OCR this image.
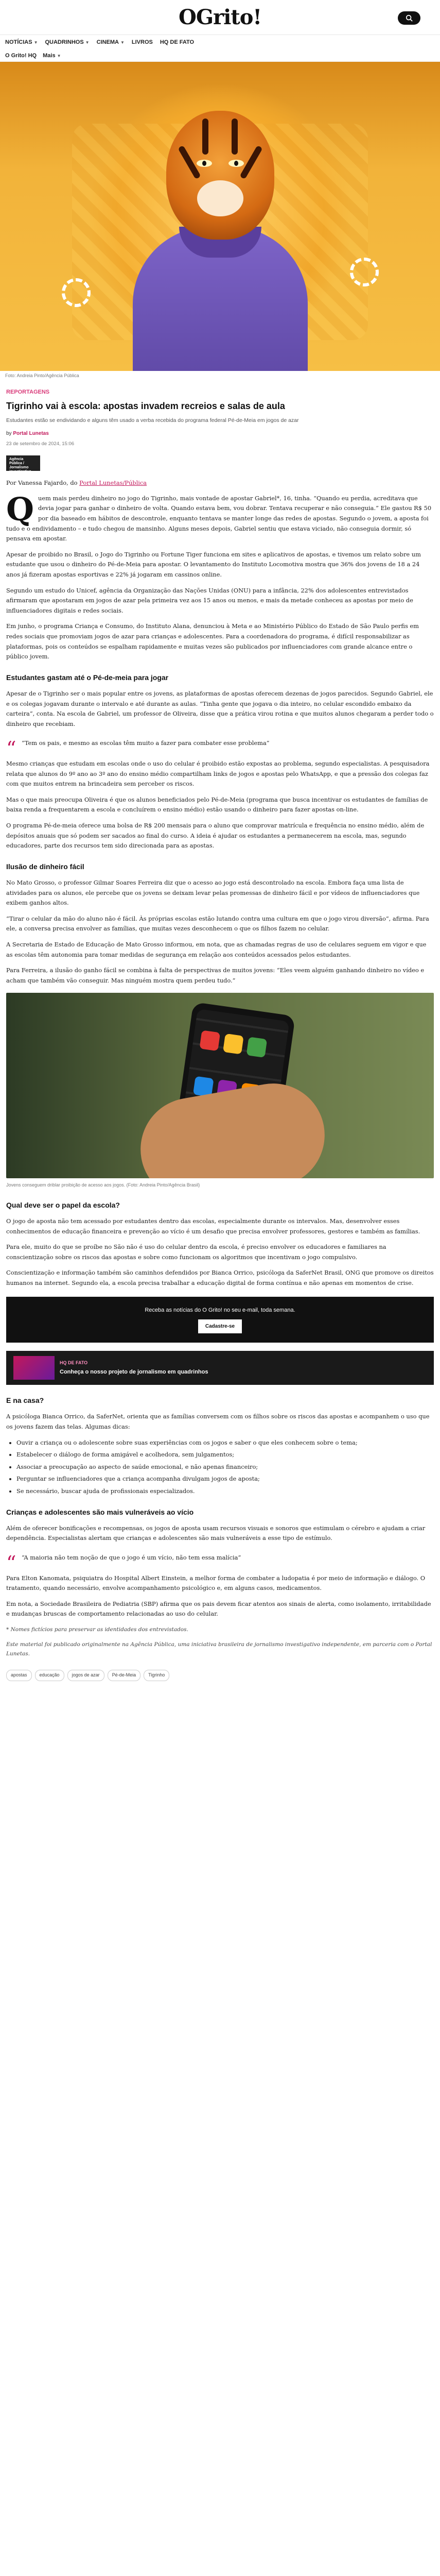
OGrito!
NOTÍCIAS ▼ QUADRINHOS ▼ CINEMA ▼ LIVROS HQ DE FATO
O Grito! HQ Mais ▼
Foto: Andreia Pinto/Agência Pública
REPORTAGENS
Tigrinho vai à escola: apostas invadem recreios e salas de aula
Estudantes estão se endividando e alguns têm usado a verba recebida do programa federal Pé-de-Meia em jogos de azar
by Portal Lunetas
23 de setembro de 2024, 15:06
Agência Pública / Jornalismo investigativo

Por Vanessa Fajardo, do Portal Lunetas/Pública

Quem mais perdeu dinheiro no jogo do Tigrinho, mais vontade de apostar Gabriel*, 16, tinha. “Quando eu perdia, acreditava que devia jogar para ganhar o dinheiro de volta. Quando estava bem, vou dobrar. Tentava recuperar e não conseguia.” Ele gastou R$ 50 por dia baseado em hábitos de descontrole, enquanto tentava se manter longe das redes de apostas. Segundo o jovem, a aposta foi tudo e o endividamento – e tudo chegou de mansinho. Alguns meses depois, Gabriel sentiu que estava viciado, não conseguia dormir, só pensava em apostar.

Apesar de proibido no Brasil, o Jogo do Tigrinho ou Fortune Tiger funciona em sites e aplicativos de apostas, e tivemos um relato sobre um estudante que usou o dinheiro do Pé-de-Meia para apostar. O levantamento do Instituto Locomotiva mostra que 36% dos jovens de 18 a 24 anos já fizeram apostas esportivas e 22% já jogaram em cassinos online.

Segundo um estudo do Unicef, agência da Organização das Nações Unidas (ONU) para a infância, 22% dos adolescentes entrevistados afirmaram que apostaram em jogos de azar pela primeira vez aos 15 anos ou menos, e mais da metade conheceu as apostas por meio de influenciadores digitais e redes sociais.

Em junho, o programa Criança e Consumo, do Instituto Alana, denunciou à Meta e ao Ministério Público do Estado de São Paulo perfis em redes sociais que promoviam jogos de azar para crianças e adolescentes. Para a coordenadora do programa, é difícil responsabilizar as plataformas, pois os conteúdos se espalham rapidamente e muitas vezes são publicados por influenciadores com grande alcance entre o público jovem.

Estudantes gastam até o Pé-de-meia para jogar

Apesar de o Tigrinho ser o mais popular entre os jovens, as plataformas de apostas oferecem dezenas de jogos parecidos. Segundo Gabriel, ele e os colegas jogavam durante o intervalo e até durante as aulas. “Tinha gente que jogava o dia inteiro, no celular escondido embaixo da carteira”, conta. Na escola de Gabriel, um professor de Oliveira, disse que a prática virou rotina e que muitos alunos chegaram a perder todo o dinheiro que recebiam.

“ “Tem os pais, e mesmo as escolas têm muito a fazer para combater esse problema”

Mesmo crianças que estudam em escolas onde o uso do celular é proibido estão expostas ao problema, segundo especialistas. A pesquisadora relata que alunos do 9º ano ao 3º ano do ensino médio compartilham links de jogos e apostas pelo WhatsApp, e que a pressão dos colegas faz com que muitos entrem na brincadeira sem perceber os riscos.

Mas o que mais preocupa Oliveira é que os alunos beneficiados pelo Pé-de-Meia (programa que busca incentivar os estudantes de famílias de baixa renda a frequentarem a escola e concluírem o ensino médio) estão usando o dinheiro para fazer apostas on-line.

O programa Pé-de-meia oferece uma bolsa de R$ 200 mensais para o aluno que comprovar matrícula e frequência no ensino médio, além de depósitos anuais que só podem ser sacados ao final do curso. A ideia é ajudar os estudantes a permanecerem na escola, mas, segundo educadores, parte dos recursos tem sido direcionada para as apostas.

Ilusão de dinheiro fácil

No Mato Grosso, o professor Gilmar Soares Ferreira diz que o acesso ao jogo está descontrolado na escola. Embora faça uma lista de atividades para os alunos, ele percebe que os jovens se deixam levar pelas promessas de dinheiro fácil e por vídeos de influenciadores que exibem ganhos altos.

“Tirar o celular da mão do aluno não é fácil. Às próprias escolas estão lutando contra uma cultura em que o jogo virou diversão”, afirma. Para ele, a conversa precisa envolver as famílias, que muitas vezes desconhecem o que os filhos fazem no celular.

A Secretaria de Estado de Educação de Mato Grosso informou, em nota, que as chamadas regras de uso de celulares seguem em vigor e que as escolas têm autonomia para tomar medidas de segurança em relação aos conteúdos acessados pelos estudantes.

Para Ferreira, a ilusão do ganho fácil se combina à falta de perspectivas de muitos jovens: “Eles veem alguém ganhando dinheiro no vídeo e acham que também vão conseguir. Mas ninguém mostra quem perdeu tudo.”

Jovens conseguem driblar proibição de acesso aos jogos. (Foto: Andreia Pinto/Agência Brasil)
Qual deve ser o papel da escola?

O jogo de aposta não tem acessado por estudantes dentro das escolas, especialmente durante os intervalos. Mas, desenvolver esses conhecimentos de educação financeira e prevenção ao vício é um desafio que precisa envolver professores, gestores e também as famílias.

Para ele, muito do que se proíbe no São não é uso do celular dentro da escola, é preciso envolver os educadores e familiares na conscientização sobre os riscos das apostas e sobre como funcionam os algoritmos que incentivam o jogo compulsivo.

Conscientização e informação também são caminhos defendidos por Bianca Orrico, psicóloga da SaferNet Brasil, ONG que promove os direitos humanos na internet. Segundo ela, a escola precisa trabalhar a educação digital de forma contínua e não apenas em momentos de crise.

Receba as notícias do O Grito! no seu e-mail, toda semana.
Cadastre-se
HQ DE FATO
Conheça o nosso projeto de jornalismo em quadrinhos
E na casa?

A psicóloga Bianca Orrico, da SaferNet, orienta que as famílias conversem com os filhos sobre os riscos das apostas e acompanhem o uso que os jovens fazem das telas. Algumas dicas:

• Ouvir a criança ou o adolescente sobre suas experiências com os jogos e saber o que eles conhecem sobre o tema;
• Estabelecer o diálogo de forma amigável e acolhedora, sem julgamentos;
• Associar a preocupação ao aspecto de saúde emocional, e não apenas financeiro;
• Perguntar se influenciadores que a criança acompanha divulgam jogos de aposta;
• Se necessário, buscar ajuda de profissionais especializados.
Crianças e adolescentes são mais vulneráveis ao vício

Além de oferecer bonificações e recompensas, os jogos de aposta usam recursos visuais e sonoros que estimulam o cérebro e ajudam a criar dependência. Especialistas alertam que crianças e adolescentes são mais vulneráveis a esse tipo de estímulo.

“ “A maioria não tem noção de que o jogo é um vício, não tem essa malícia”

Para Elton Kanomata, psiquiatra do Hospital Albert Einstein, a melhor forma de combater a ludopatia é por meio de informação e diálogo. O tratamento, quando necessário, envolve acompanhamento psicológico e, em alguns casos, medicamentos.

Em nota, a Sociedade Brasileira de Pediatria (SBP) afirma que os pais devem ficar atentos aos sinais de alerta, como isolamento, irritabilidade e mudanças bruscas de comportamento relacionadas ao uso do celular.

* Nomes fictícios para preservar as identidades dos entrevistados.

Este material foi publicado originalmente na Agência Pública, uma iniciativa brasileira de jornalismo investigativo independente, em parceria com o Portal Lunetas.

apostas	educação	jogos de azar	Pé-de-Meia	Tigrinho
